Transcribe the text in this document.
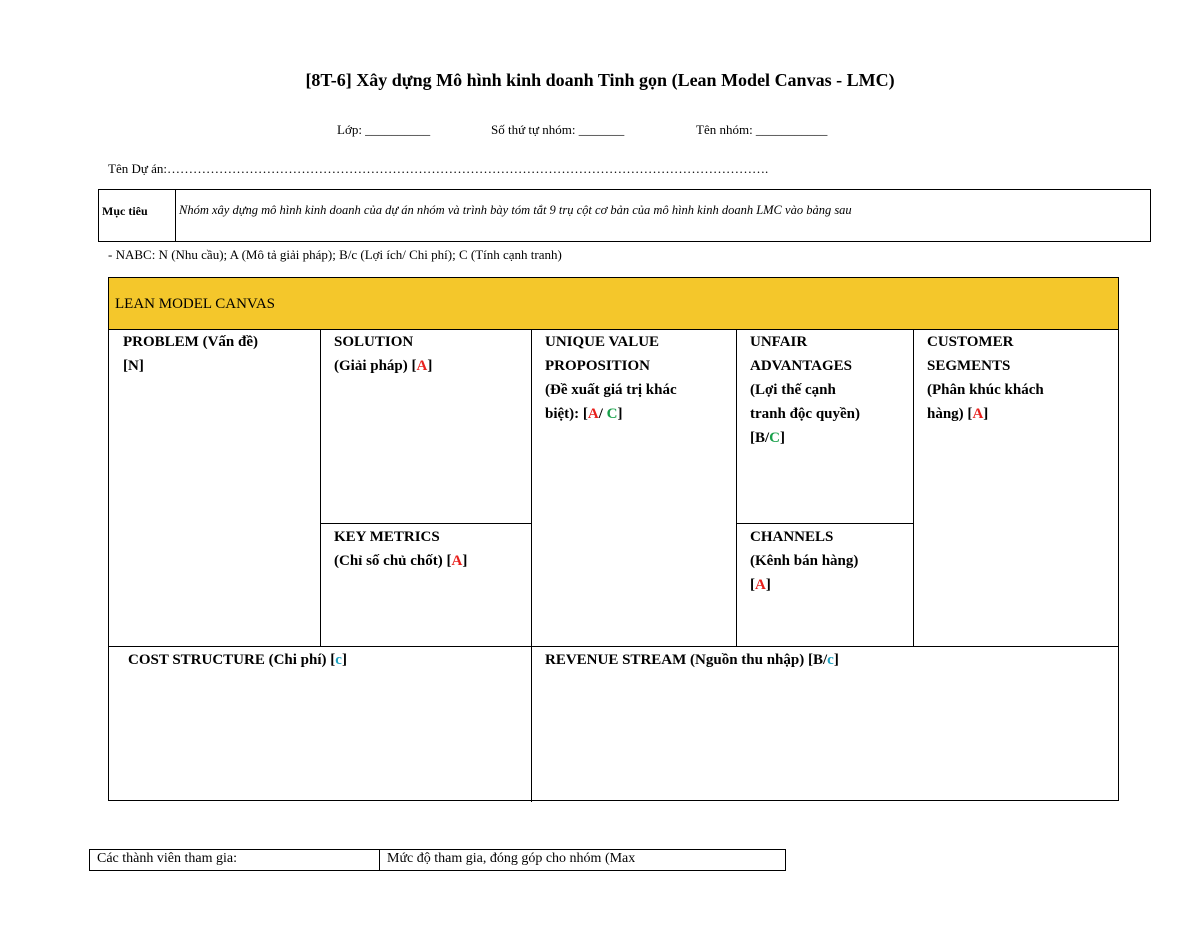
[8T-6] Xây dựng Mô hình kinh doanh Tinh gọn (Lean Model Canvas - LMC)
Lớp: __________	Số thứ tự nhóm: _______	Tên nhóm: ___________
Tên Dự án:………………………………………………………………………………………………………………………….
Mục tiêu	Nhóm xây dựng mô hình kinh doanh của dự án nhóm và trình bày tóm tắt 9 trụ cột cơ bản của mô hình kinh doanh LMC vào bảng sau
- NABC: N (Nhu cầu); A (Mô tả giải pháp); B/c (Lợi ích/ Chi phí); C (Tính cạnh tranh)
LEAN MODEL CANVAS
PROBLEM (Vấn đề)
[N]
SOLUTION
(Giải pháp) [A]
UNIQUE VALUE
PROPOSITION
(Đề xuất giá trị khác
biệt): [A/ C]
UNFAIR
ADVANTAGES
(Lợi thế cạnh
tranh độc quyền)
[B/C]
CUSTOMER
SEGMENTS
(Phân khúc khách
hàng) [A]
KEY METRICS
(Chỉ số chủ chốt) [A]
CHANNELS
(Kênh bán hàng)
[A]
COST STRUCTURE (Chi phí) [c]	REVENUE STREAM (Nguồn thu nhập) [B/c]
Các thành viên tham gia:	Mức độ tham gia, đóng góp cho nhóm (Max
